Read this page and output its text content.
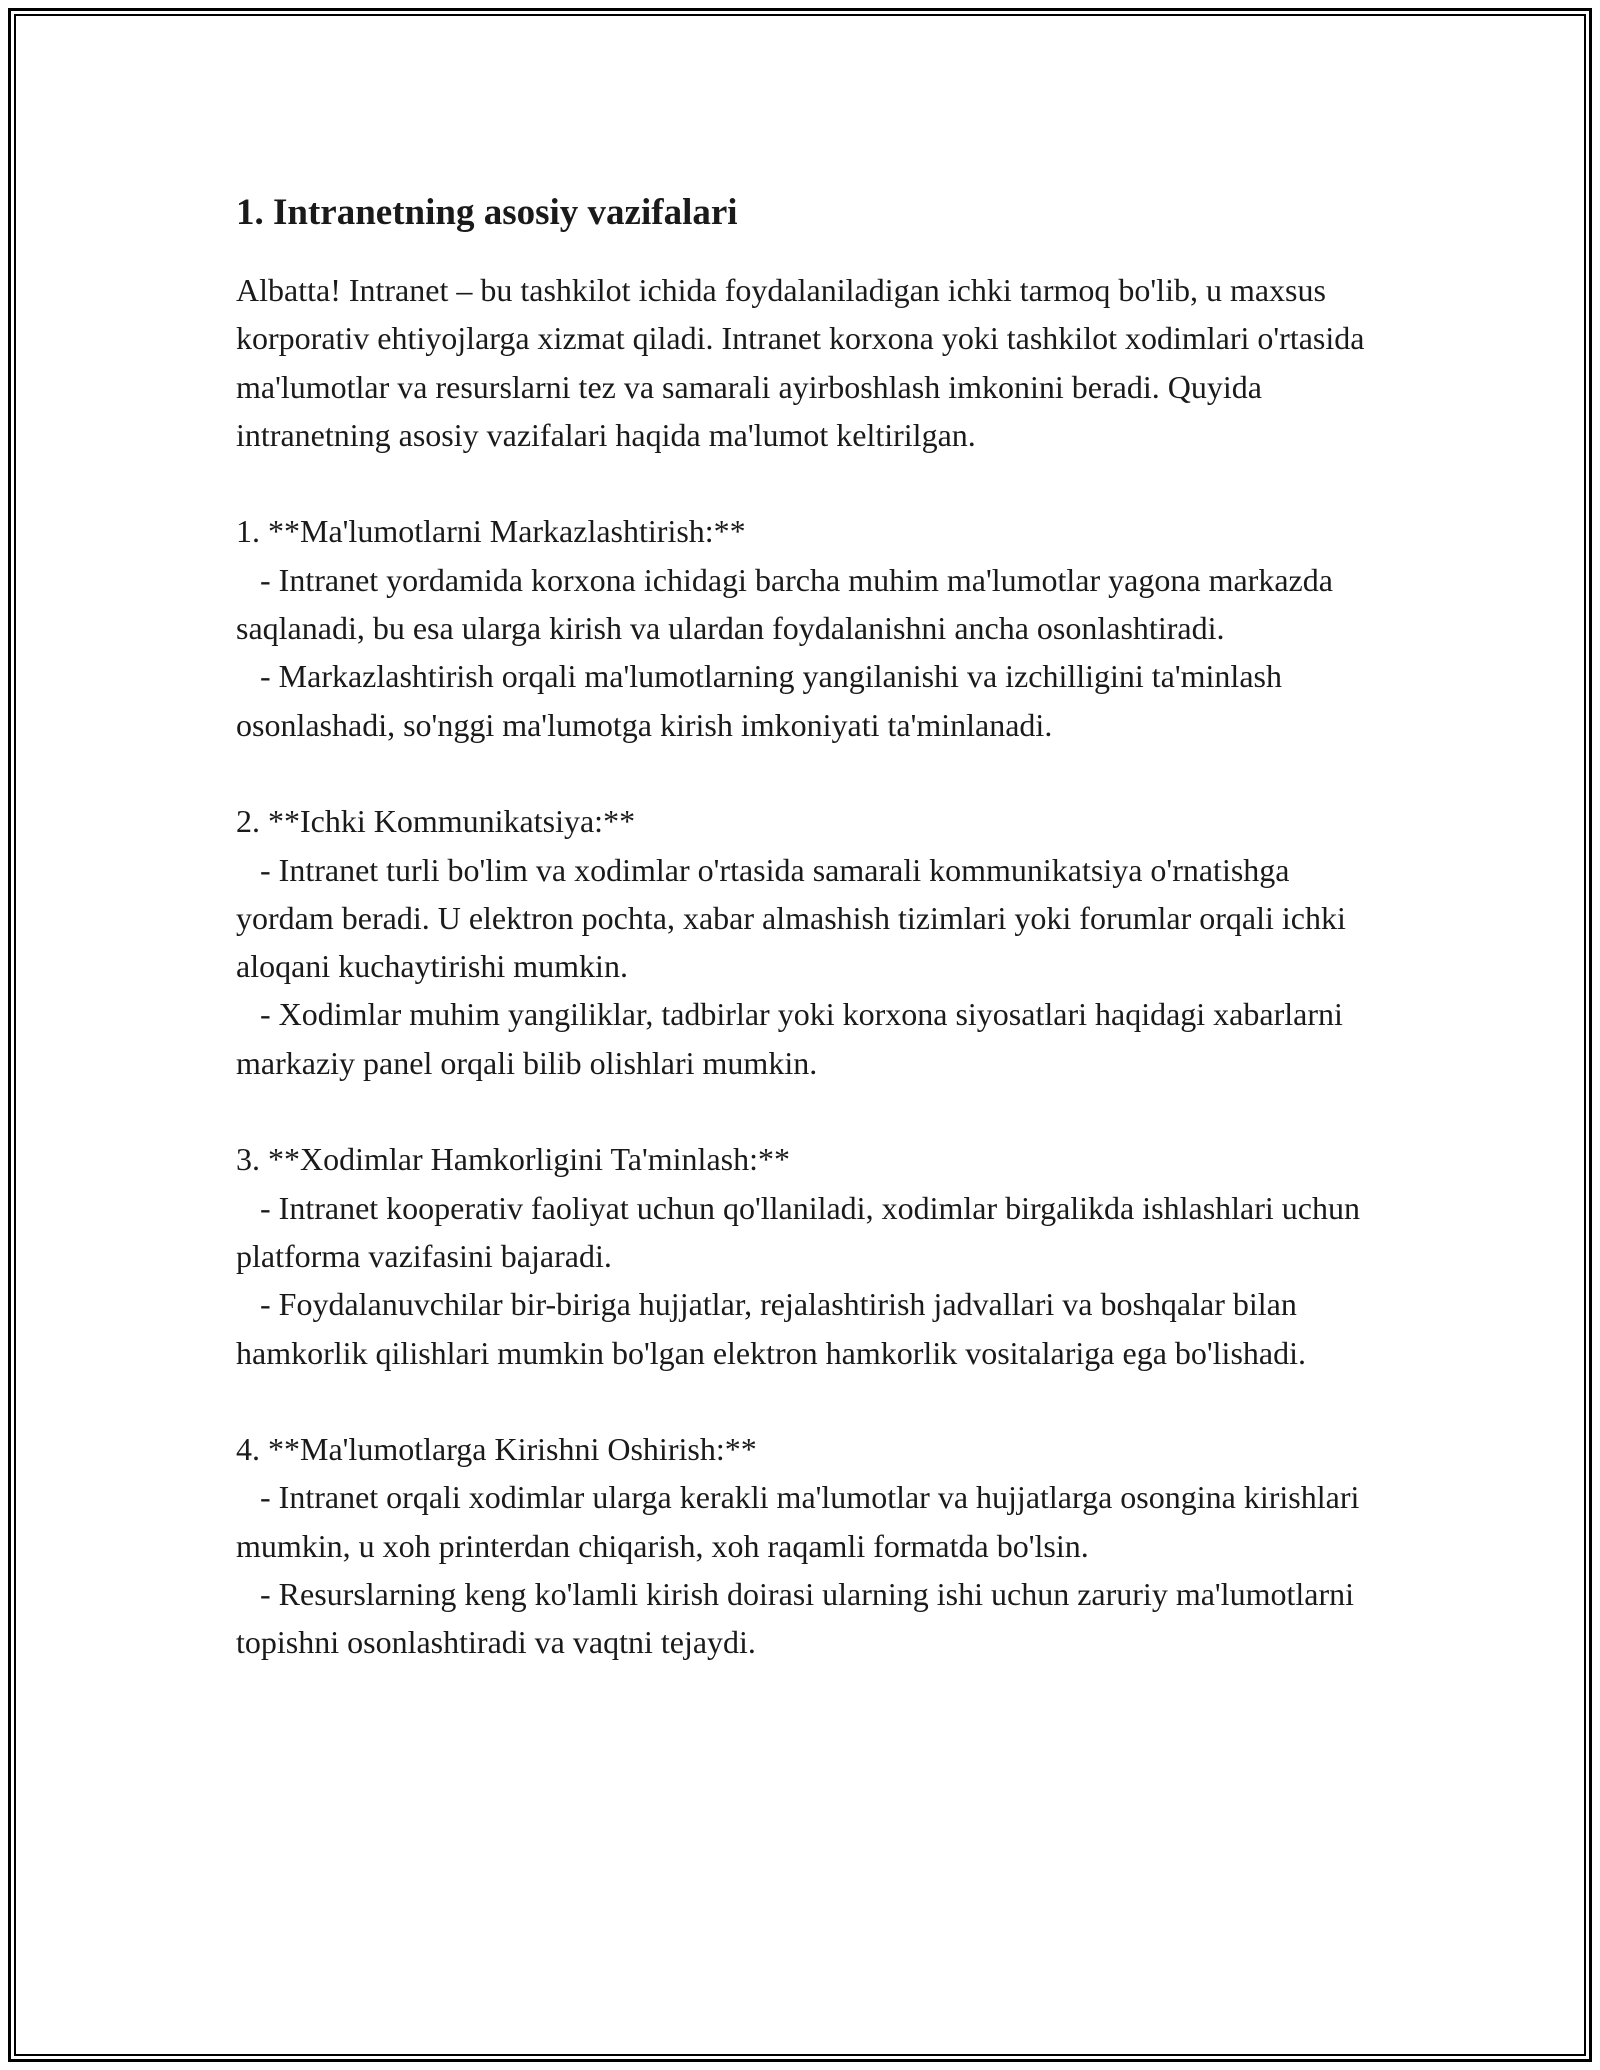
1. Intranetning asosiy vazifalari

Albatta! Intranet – bu tashkilot ichida foydalaniladigan ichki tarmoq bo'lib, u maxsus korporativ ehtiyojlarga xizmat qiladi. Intranet korxona yoki tashkilot xodimlari o'rtasida ma'lumotlar va resurslarni tez va samarali ayirboshlash imkonini beradi. Quyida intranetning asosiy vazifalari haqida ma'lumot keltirilgan.

1. **Ma'lumotlarni Markazlashtirish:**

- Intranet yordamida korxona ichidagi barcha muhim ma'lumotlar yagona markazda saqlanadi, bu esa ularga kirish va ulardan foydalanishni ancha osonlashtiradi.

- Markazlashtirish orqali ma'lumotlarning yangilanishi va izchilligini ta'minlash osonlashadi, so'nggi ma'lumotga kirish imkoniyati ta'minlanadi.

2. **Ichki Kommunikatsiya:**

- Intranet turli bo'lim va xodimlar o'rtasida samarali kommunikatsiya o'rnatishga yordam beradi. U elektron pochta, xabar almashish tizimlari yoki forumlar orqali ichki aloqani kuchaytirishi mumkin.

- Xodimlar muhim yangiliklar, tadbirlar yoki korxona siyosatlari haqidagi xabarlarni markaziy panel orqali bilib olishlari mumkin.

3. **Xodimlar Hamkorligini Ta'minlash:**

- Intranet kooperativ faoliyat uchun qo'llaniladi, xodimlar birgalikda ishlashlari uchun platforma vazifasini bajaradi.

- Foydalanuvchilar bir-biriga hujjatlar, rejalashtirish jadvallari va boshqalar bilan hamkorlik qilishlari mumkin bo'lgan elektron hamkorlik vositalariga ega bo'lishadi.

4. **Ma'lumotlarga Kirishni Oshirish:**

- Intranet orqali xodimlar ularga kerakli ma'lumotlar va hujjatlarga osongina kirishlari mumkin, u xoh printerdan chiqarish, xoh raqamli formatda bo'lsin.

- Resurslarning keng ko'lamli kirish doirasi ularning ishi uchun zaruriy ma'lumotlarni topishni osonlashtiradi va vaqtni tejaydi.
